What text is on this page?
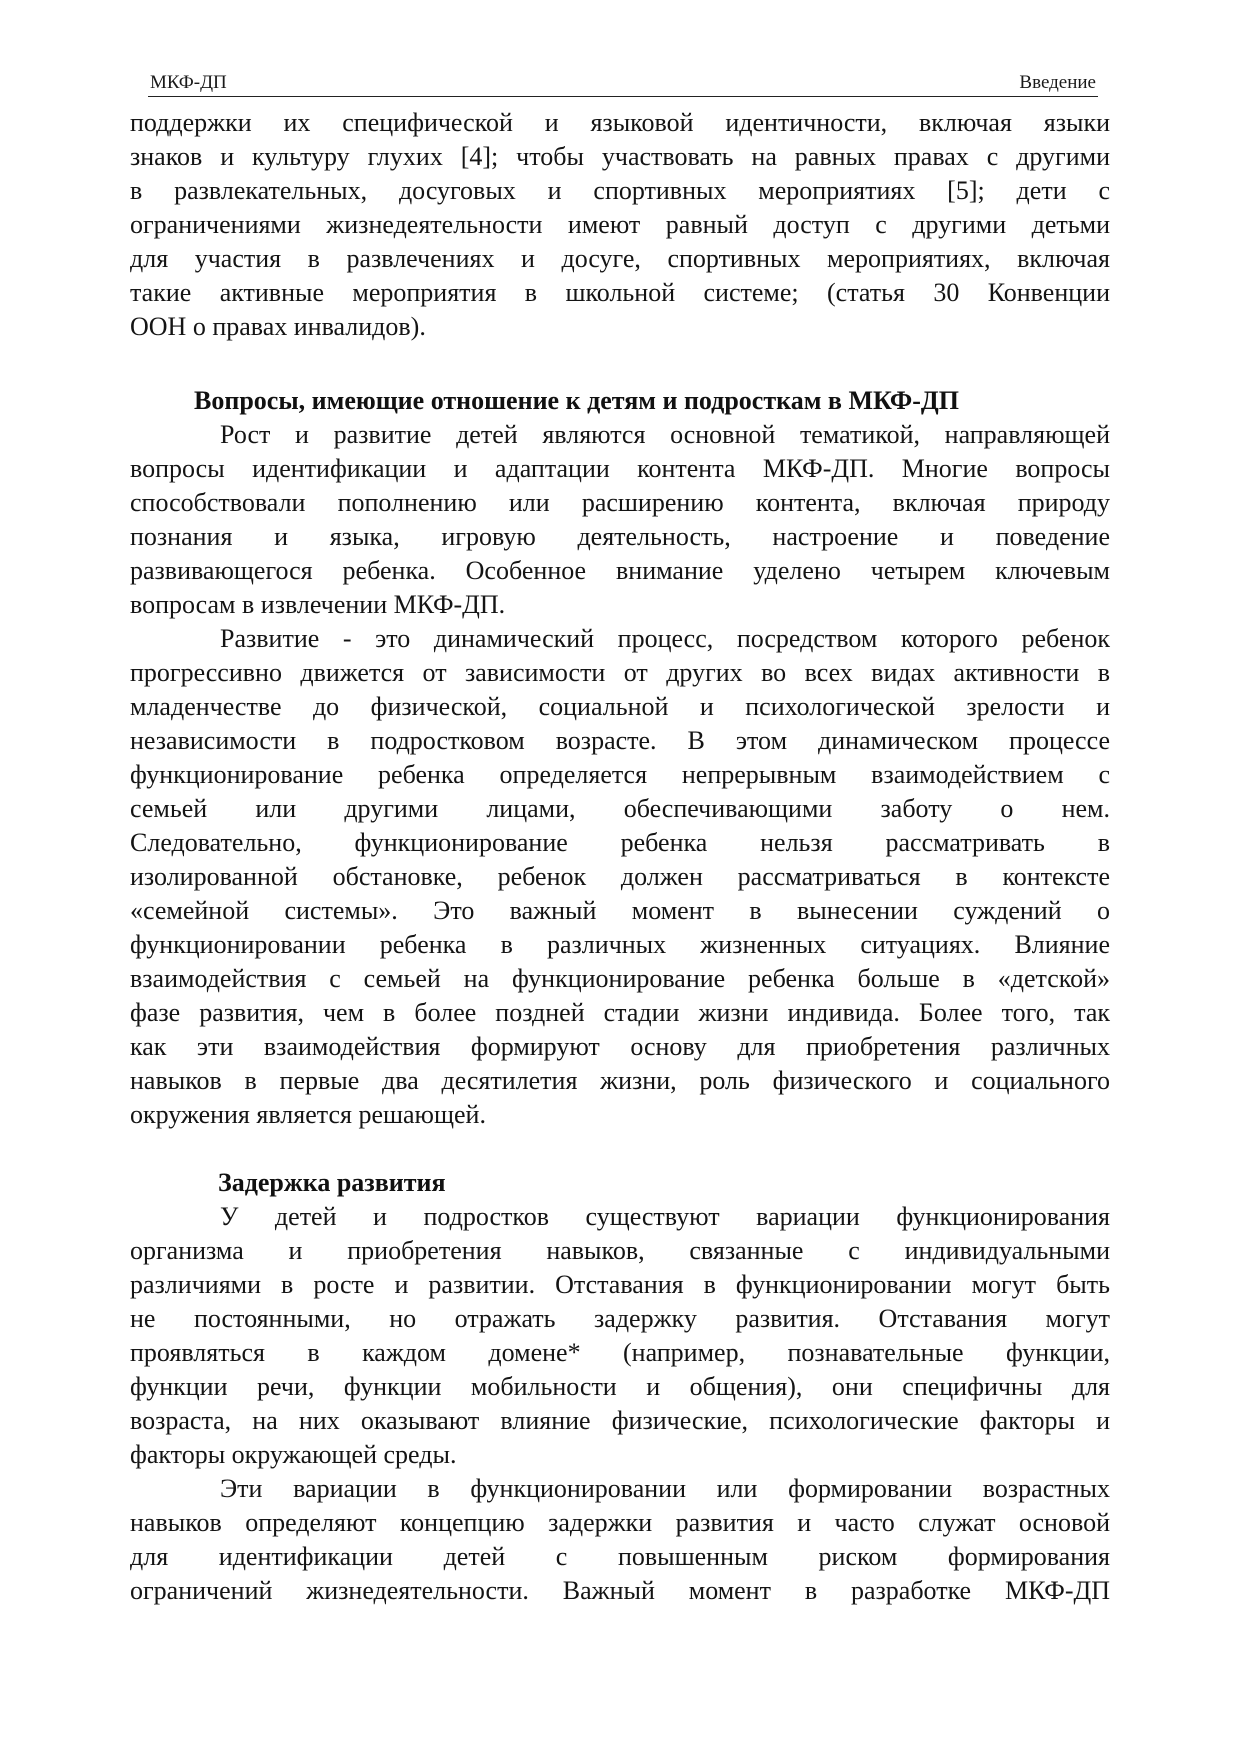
МКФ-ДП	Введение
поддержки их специфической и языковой идентичности, включая языки
знаков и культуру глухих [4]; чтобы участвовать на равных правах с другими
в развлекательных, досуговых и спортивных мероприятиях [5]; дети с
ограничениями жизнедеятельности имеют равный доступ с другими детьми
для участия в развлечениях и досуге, спортивных мероприятиях, включая
такие активные мероприятия в школьной системе; (статья 30 Конвенции
ООН о правах инвалидов).
Вопросы, имеющие отношение к детям и подросткам в МКФ-ДП
Рост и развитие детей являются основной тематикой, направляющей
вопросы идентификации и адаптации контента МКФ-ДП. Многие вопросы
способствовали пополнению или расширению контента, включая природу
познания и языка, игровую деятельность, настроение и поведение
развивающегося ребенка. Особенное внимание уделено четырем ключевым
вопросам в извлечении МКФ-ДП.
Развитие - это динамический процесс, посредством которого ребенок
прогрессивно движется от зависимости от других во всех видах активности в
младенчестве до физической, социальной и психологической зрелости и
независимости в подростковом возрасте. В этом динамическом процессе
функционирование ребенка определяется непрерывным взаимодействием с
семьей или другими лицами, обеспечивающими заботу о нем.
Следовательно, функционирование ребенка нельзя рассматривать в
изолированной обстановке, ребенок должен рассматриваться в контексте
«семейной системы». Это важный момент в вынесении суждений о
функционировании ребенка в различных жизненных ситуациях. Влияние
взаимодействия с семьей на функционирование ребенка больше в «детской»
фазе развития, чем в более поздней стадии жизни индивида. Более того, так
как эти взаимодействия формируют основу для приобретения различных
навыков в первые два десятилетия жизни, роль физического и социального
окружения является решающей.
Задержка развития
У детей и подростков существуют вариации функционирования
организма и приобретения навыков, связанные с индивидуальными
различиями в росте и развитии. Отставания в функционировании могут быть
не постоянными, но отражать задержку развития. Отставания могут
проявляться в каждом домене* (например, познавательные функции,
функции речи, функции мобильности и общения), они специфичны для
возраста, на них оказывают влияние физические, психологические факторы и
факторы окружающей среды.
Эти вариации в функционировании или формировании возрастных
навыков определяют концепцию задержки развития и часто служат основой
для идентификации детей с повышенным риском формирования
ограничений жизнедеятельности. Важный момент в разработке МКФ-ДП
